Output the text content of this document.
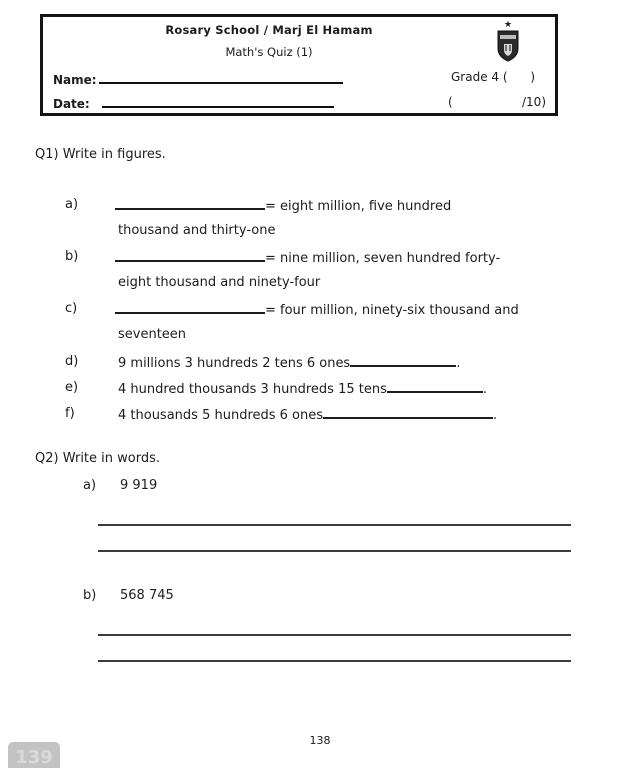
Rosary School / Marj El Hamam
Math's Quiz (1)
Name:
Date:
Grade 4 (      )
(	/10)
★
Q1) Write in figures.
a)	= eight million, five hundred
thousand and thirty-one
b)	= nine million, seven hundred forty-
eight thousand and ninety-four
c)	= four million, ninety-six thousand and
seventeen
d)	9 millions 3 hundreds 2 tens 6 ones	.
e)	4 hundred thousands 3 hundreds 15 tens	.
f)	4 thousands 5 hundreds 6 ones	.
Q2) Write in words.
a) 9 919
b) 568 745
138
139
